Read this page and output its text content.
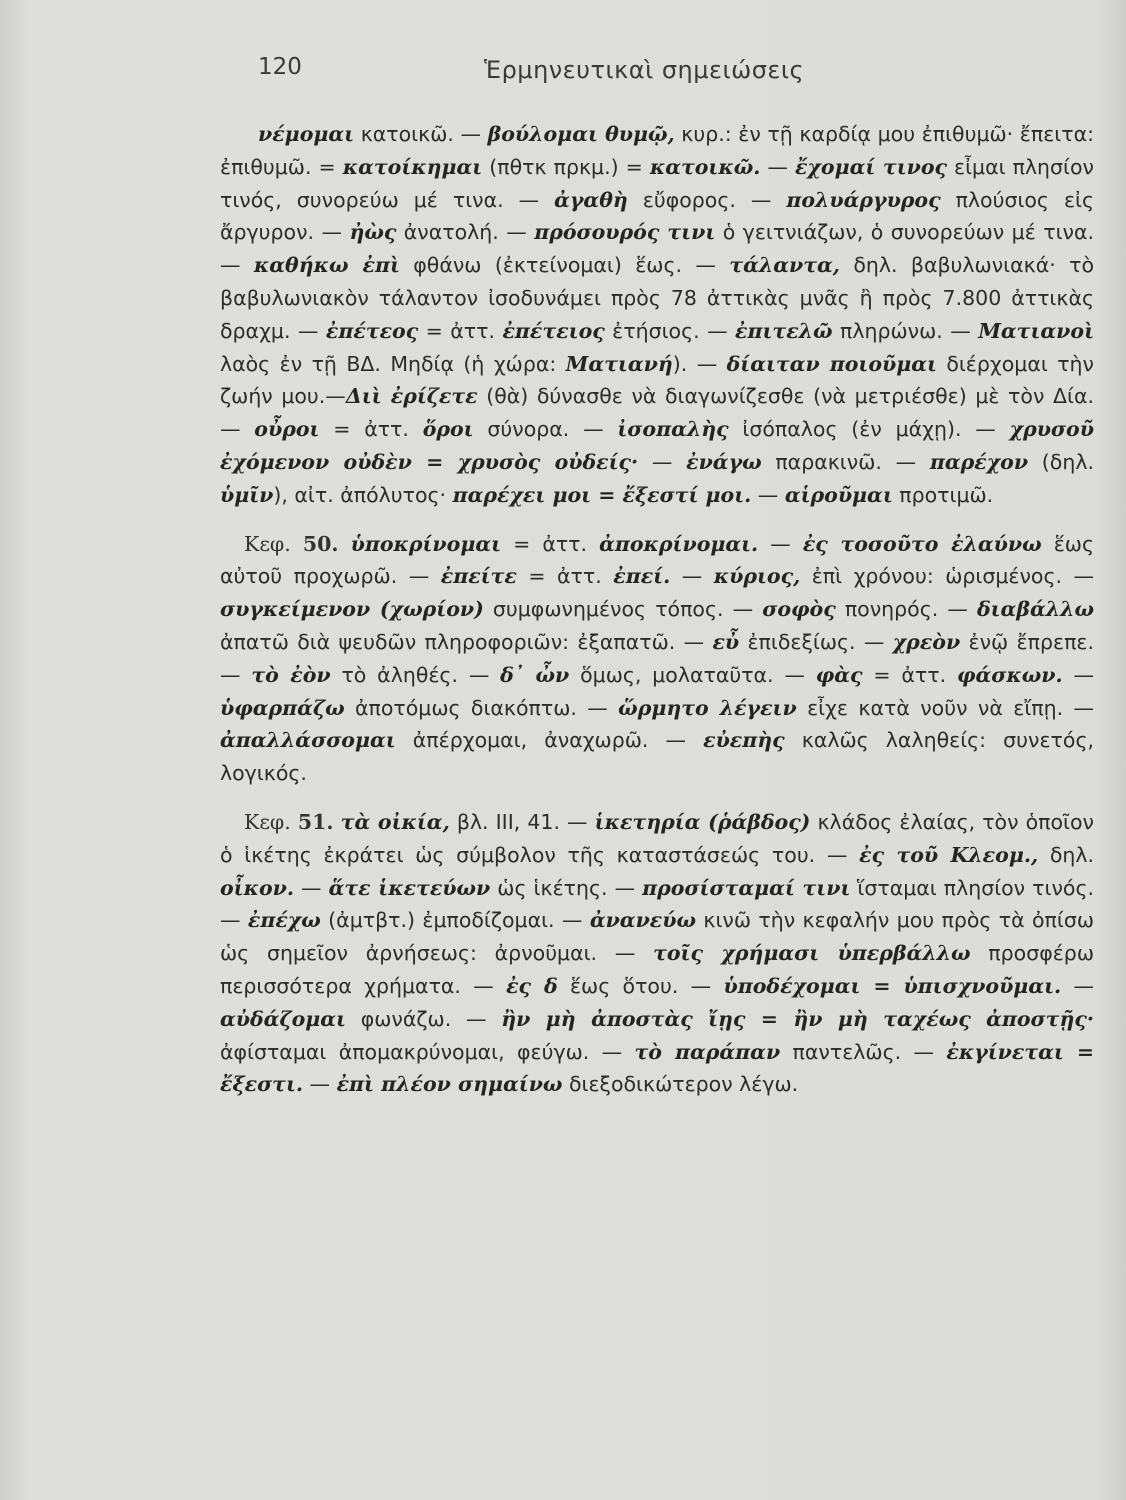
120	Ἑρμηνευτικαὶ σημειώσεις

νέμομαι κατοικῶ. — βούλομαι θυμῷ, κυρ.: ἐν τῇ καρδίᾳ μου ἐπιθυμῶ· ἔπειτα: ἐπιθυμῶ. = κατοίκημαι (πθτκ πρκμ.) = κατοικῶ. — ἔχομαί τινος εἶμαι πλησίον τινός, συνορεύω μέ τινα. — ἀγαθὴ εὔφορος. — πολυάργυρος πλούσιος εἰς ἄργυρον. — ἠὼς ἀνατολή. — πρόσουρός τινι ὁ γειτνιάζων, ὁ συνορεύων μέ τινα. — καθήκω ἐπὶ φθάνω (ἐκτείνομαι) ἕως. — τάλαντα, δηλ. βαβυλωνιακά· τὸ βαβυλωνιακὸν τάλαντον ἰσοδυνάμει πρὸς 78 ἀττικὰς μνᾶς ἢ πρὸς 7.800 ἀττικὰς δραχμ. — ἐπέτεος = ἀττ. ἐπέτειος ἐτήσιος. — ἐπιτελῶ πληρώνω. — Ματιανοὶ λαὸς ἐν τῇ ΒΔ. Μηδίᾳ (ἡ χώρα: Ματιανή). — δίαιταν ποιοῦμαι διέρχομαι τὴν ζωήν μου.—Διὶ ἐρίζετε (θὰ) δύνασθε νὰ διαγωνίζεσθε (νὰ μετριέσθε) μὲ τὸν Δία. — οὖροι = ἀττ. ὅροι σύνορα. — ἰσοπαλὴς ἰσόπαλος (ἐν μάχῃ). — χρυσοῦ ἐχόμενον οὐδὲν = χρυσὸς οὐδείς· — ἐνάγω παρακινῶ. — παρέχον (δηλ. ὑμῖν), αἰτ. ἀπόλυτος· παρέχει μοι = ἔξεστί μοι. — αἱροῦμαι προτιμῶ.

Κεφ. 50. ὑποκρίνομαι = ἀττ. ἀποκρίνομαι. — ἐς τοσοῦτο ἐλαύνω ἕως αὐτοῦ προχωρῶ. — ἐπείτε = ἀττ. ἐπεί. — κύριος, ἐπὶ χρόνου: ὡρισμένος. — συγκείμενον (χωρίον) συμφωνημένος τόπος. — σοφὸς πονηρός. — διαβάλλω ἀπατῶ διὰ ψευδῶν πληροφοριῶν: ἐξαπατῶ. — εὖ ἐπιδεξίως. — χρεὸν ἐνῷ ἔπρεπε. — τὸ ἐὸν τὸ ἀληθές. — δ᾿ ὦν ὅμως, μολαταῦτα. — φὰς = ἀττ. φάσκων. — ὑφαρπάζω ἀποτόμως διακόπτω. — ὥρμητο λέγειν εἶχε κατὰ νοῦν νὰ εἴπῃ. — ἀπαλλάσσομαι ἀπέρχομαι, ἀναχωρῶ. — εὐεπὴς καλῶς λαληθείς: συνετός, λογικός.

Κεφ. 51. τὰ οἰκία, βλ. III, 41. — ἱκετηρία (ῥάβδος) κλάδος ἐλαίας, τὸν ὁποῖον ὁ ἱκέτης ἐκράτει ὡς σύμβολον τῆς καταστάσεώς του. — ἐς τοῦ Κλεομ., δηλ. οἶκον. — ἅτε ἱκετεύων ὡς ἱκέτης. — προσίσταμαί τινι ἵσταμαι πλησίον τινός. — ἐπέχω (ἀμτβτ.) ἐμποδίζομαι. — ἀνανεύω κινῶ τὴν κεφαλήν μου πρὸς τὰ ὀπίσω ὡς σημεῖον ἀρνήσεως: ἀρνοῦμαι. — τοῖς χρήμασι ὑπερβάλλω προσφέρω περισσότερα χρήματα. — ἐς δ ἕως ὅτου. — ὑποδέχομαι = ὑπισχνοῦμαι. — αὐδάζομαι φωνάζω. — ἢν μὴ ἀποστὰς ἴῃς = ἢν μὴ ταχέως ἀποστῇς· ἀφίσταμαι ἀπομακρύνομαι, φεύγω. — τὸ παράπαν παντελῶς. — ἐκγίνεται = ἔξεστι. — ἐπὶ πλέον σημαίνω διεξοδικώτερον λέγω.
